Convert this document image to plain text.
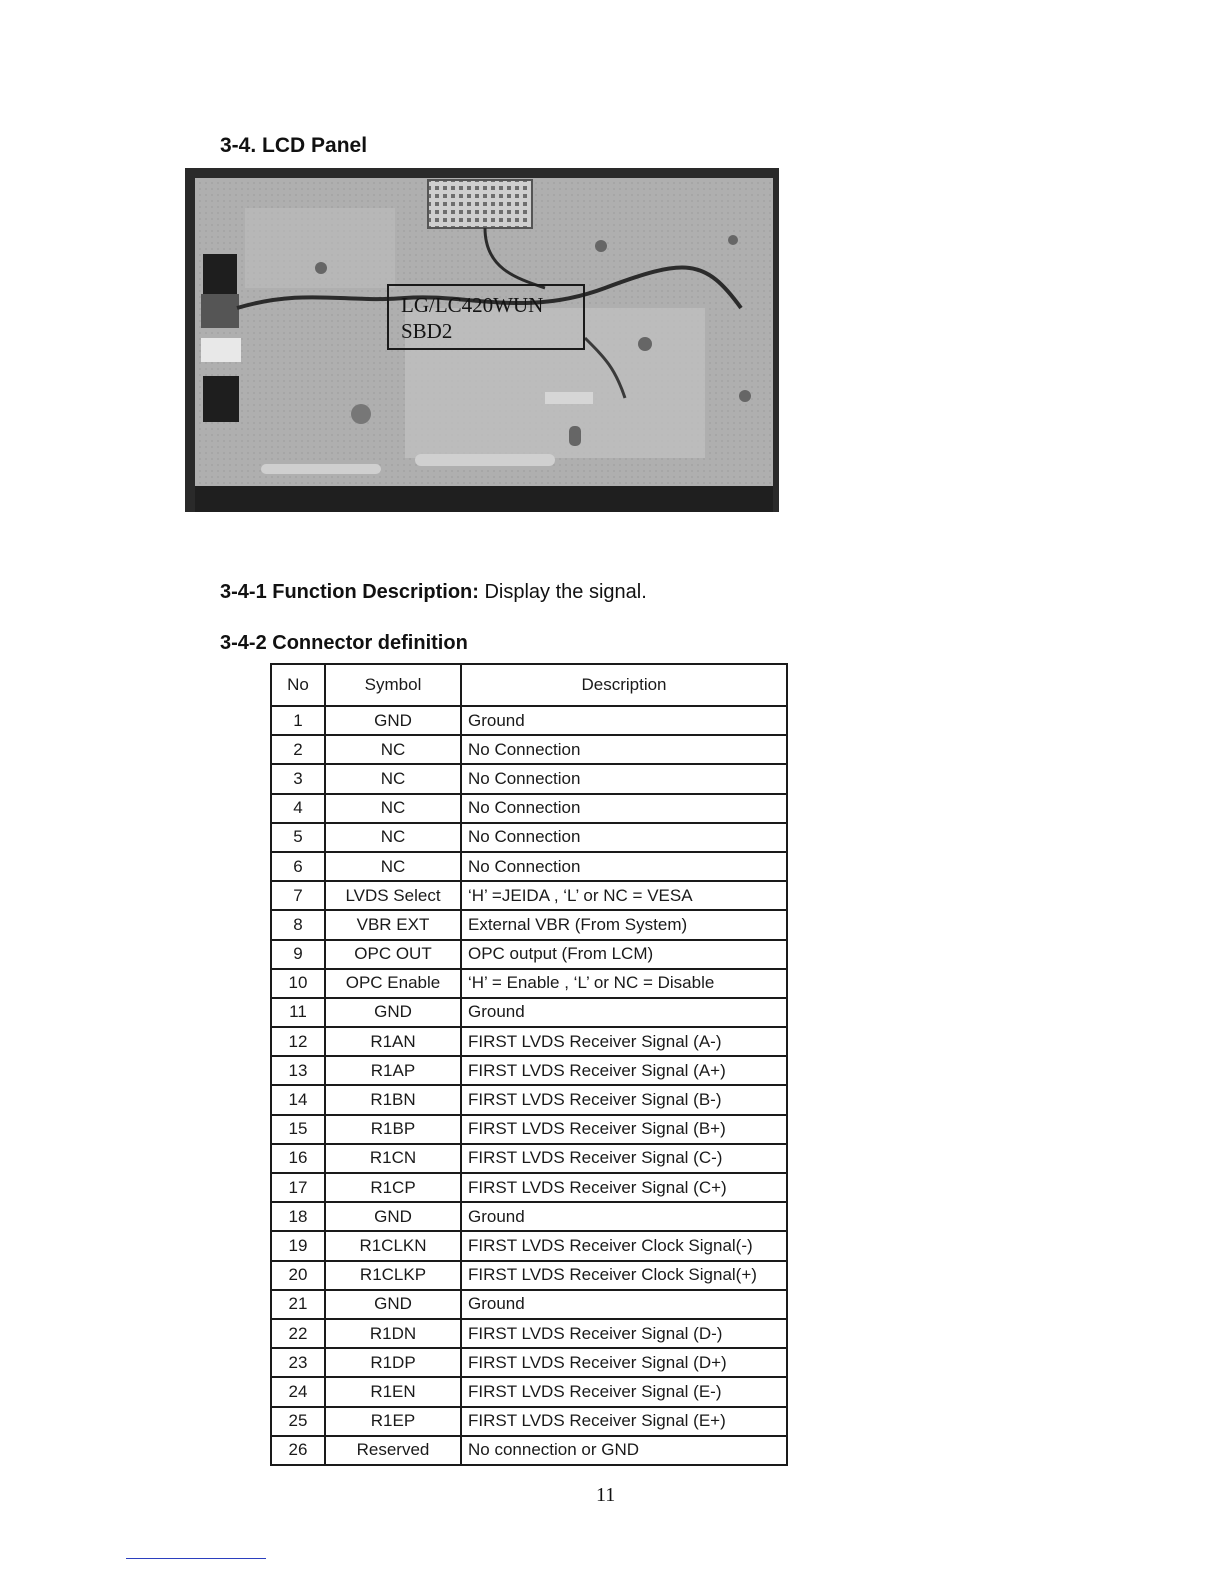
3-4. LCD Panel
LG/LC420WUN
SBD2

3-4-1 Function Description: Display the signal.

3-4-2 Connector definition
No	Symbol	Description
1	GND	Ground
2	NC	No Connection
3	NC	No Connection
4	NC	No Connection
5	NC	No Connection
6	NC	No Connection
7	LVDS Select	‘H’ =JEIDA , ‘L’ or NC = VESA
8	VBR EXT	External VBR (From System)
9	OPC OUT	OPC output (From LCM)
10	OPC Enable	‘H’ = Enable , ‘L’ or NC = Disable
11	GND	Ground
12	R1AN	FIRST LVDS Receiver Signal (A-)
13	R1AP	FIRST LVDS Receiver Signal (A+)
14	R1BN	FIRST LVDS Receiver Signal (B-)
15	R1BP	FIRST LVDS Receiver Signal (B+)
16	R1CN	FIRST LVDS Receiver Signal (C-)
17	R1CP	FIRST LVDS Receiver Signal (C+)
18	GND	Ground
19	R1CLKN	FIRST LVDS Receiver Clock Signal(-)
20	R1CLKP	FIRST LVDS Receiver Clock Signal(+)
21	GND	Ground
22	R1DN	FIRST LVDS Receiver Signal (D-)
23	R1DP	FIRST LVDS Receiver Signal (D+)
24	R1EN	FIRST LVDS Receiver Signal (E-)
25	R1EP	FIRST LVDS Receiver Signal (E+)
26	Reserved	No connection or GND
11
